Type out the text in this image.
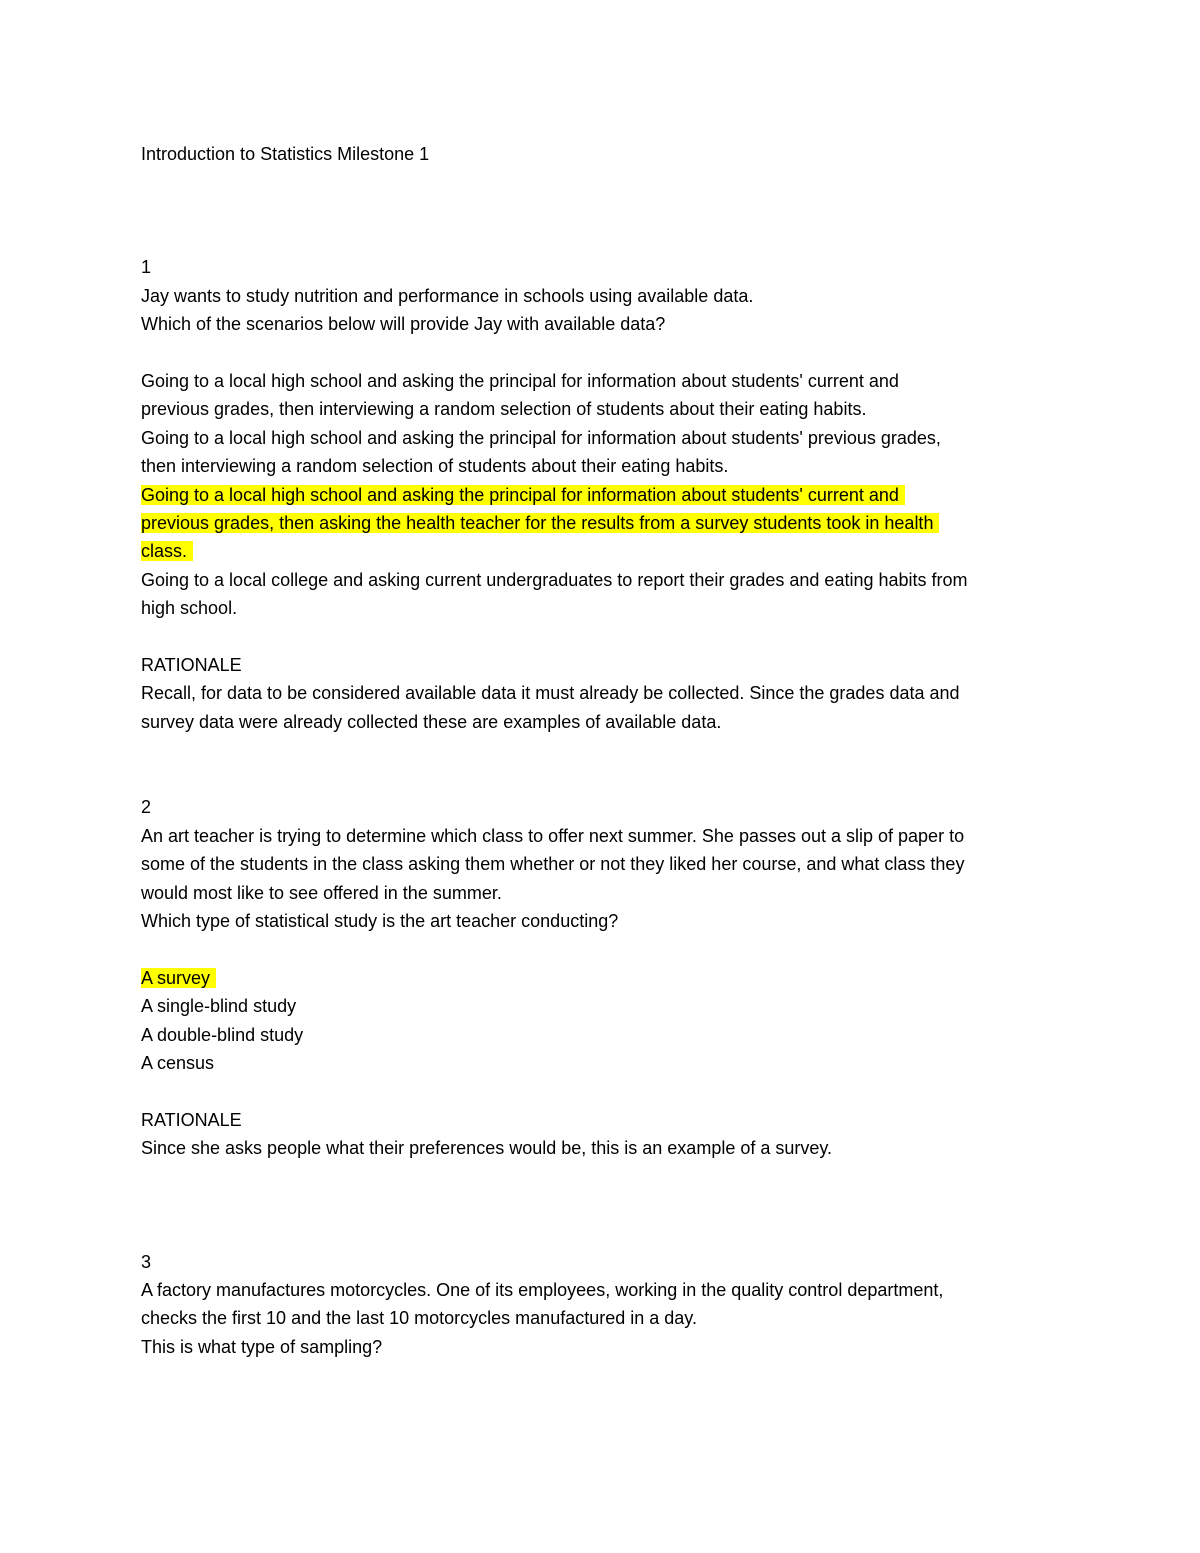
Introduction to Statistics Milestone 1
1
Jay wants to study nutrition and performance in schools using available data.
Which of the scenarios below will provide Jay with available data?
Going to a local high school and asking the principal for information about students' current and
previous grades, then interviewing a random selection of students about their eating habits.
Going to a local high school and asking the principal for information about students' previous grades,
then interviewing a random selection of students about their eating habits.
Going to a local high school and asking the principal for information about students' current and
previous grades, then asking the health teacher for the results from a survey students took in health
class.
Going to a local college and asking current undergraduates to report their grades and eating habits from
high school.
RATIONALE
Recall, for data to be considered available data it must already be collected. Since the grades data and
survey data were already collected these are examples of available data.
2
An art teacher is trying to determine which class to offer next summer. She passes out a slip of paper to
some of the students in the class asking them whether or not they liked her course, and what class they
would most like to see offered in the summer.
Which type of statistical study is the art teacher conducting?
A survey
A single-blind study
A double-blind study
A census
RATIONALE
Since she asks people what their preferences would be, this is an example of a survey.
3
A factory manufactures motorcycles. One of its employees, working in the quality control department,
checks the first 10 and the last 10 motorcycles manufactured in a day.
This is what type of sampling?
